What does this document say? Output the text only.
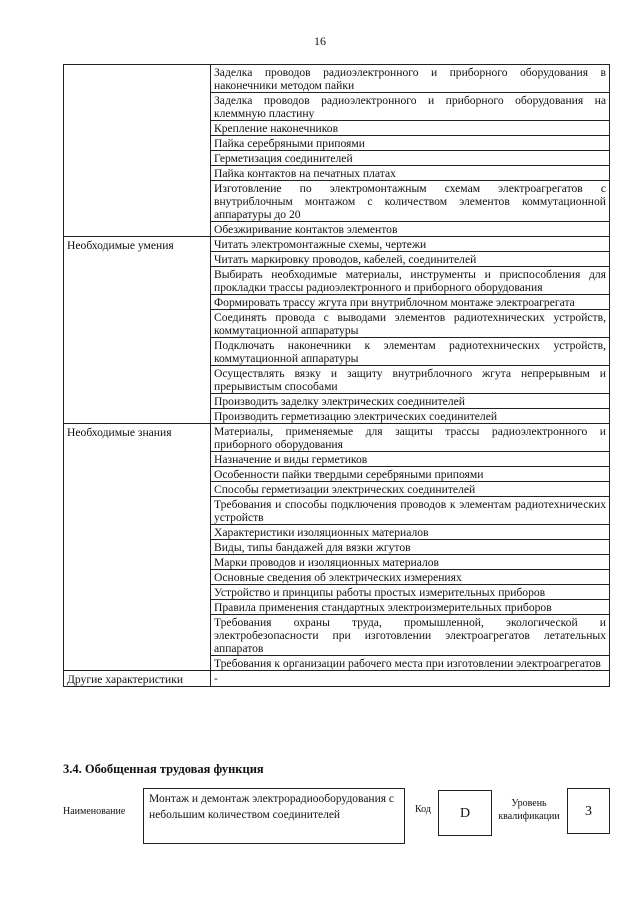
16
	Заделка проводов радиоэлектронного и приборного оборудования в наконечники методом пайки
	Заделка проводов радиоэлектронного и приборного оборудования на клеммную пластину
	Крепление наконечников
	Пайка серебряными припоями
	Герметизация соединителей
	Пайка контактов на печатных платах
	Изготовление по электромонтажным схемам электроагрегатов с внутриблочным монтажом с количеством элементов коммутационной аппаратуры до 20
	Обезжиривание контактов элементов
Необходимые умения	Читать электромонтажные схемы, чертежи
	Читать маркировку проводов, кабелей, соединителей
	Выбирать необходимые материалы, инструменты и приспособления для прокладки трассы радиоэлектронного и приборного оборудования
	Формировать трассу жгута при внутриблочном монтаже электроагрегата
	Соединять провода с выводами элементов радиотехнических устройств, коммутационной аппаратуры
	Подключать наконечники к элементам радиотехнических устройств, коммутационной аппаратуры
	Осуществлять вязку и защиту внутриблочного жгута непрерывным и прерывистым способами
	Производить заделку электрических соединителей
	Производить герметизацию электрических соединителей
Необходимые знания	Материалы, применяемые для защиты трассы радиоэлектронного и приборного оборудования
	Назначение и виды герметиков
	Особенности пайки твердыми серебряными припоями
	Способы герметизации электрических соединителей
	Требования и способы подключения проводов к элементам радиотехнических устройств
	Характеристики изоляционных материалов
	Виды, типы бандажей для вязки жгутов
	Марки проводов и изоляционных материалов
	Основные сведения об электрических измерениях
	Устройство и принципы работы простых измерительных приборов
	Правила применения стандартных электроизмерительных приборов
	Требования охраны труда, промышленной, экологической и электробезопасности при изготовлении электроагрегатов летательных аппаратов
	Требования к организации рабочего места при изготовлении электроагрегатов
Другие характеристики	-
3.4. Обобщенная трудовая функция
Наименование
Монтаж и демонтаж электрорадиооборудования с небольшим количеством соединителей	Код	D
Уровень квалификации	3
